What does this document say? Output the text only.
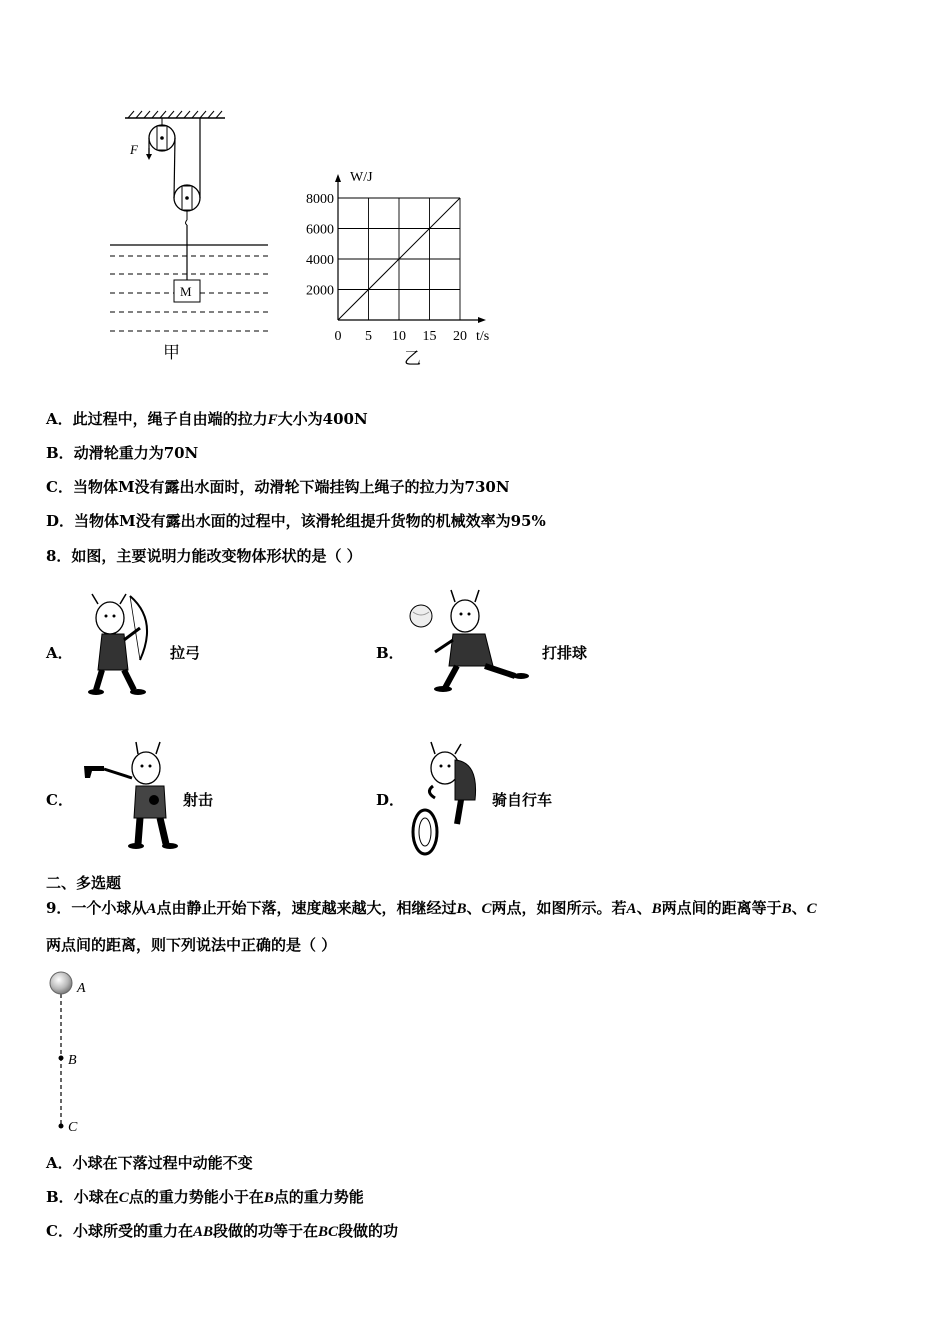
F
M
甲
W/J
t/s
0 5 10 15 20
2000
4000
6000
8000
乙
A．此过程中，绳子自由端的拉力F大小为400N
B．动滑轮重力为70N
C．当物体M没有露出水面时，动滑轮下端挂钩上绳子的拉力为730N
D．当物体M没有露出水面的过程中，该滑轮组提升货物的机械效率为95%
8．如图，主要说明力能改变物体形状的是（ ）
A．	拉弓	B．	打排球
C．	射击	D．	骑自行车
二、多选题
9．一个小球从A点由静止开始下落，速度越来越大，相继经过B、C两点，如图所示。若A、B两点间的距离等于B、C
两点间的距离，则下列说法中正确的是（ ）
A
B
C
A．小球在下落过程中动能不变
B．小球在C点的重力势能小于在B点的重力势能
C．小球所受的重力在AB段做的功等于在BC段做的功
